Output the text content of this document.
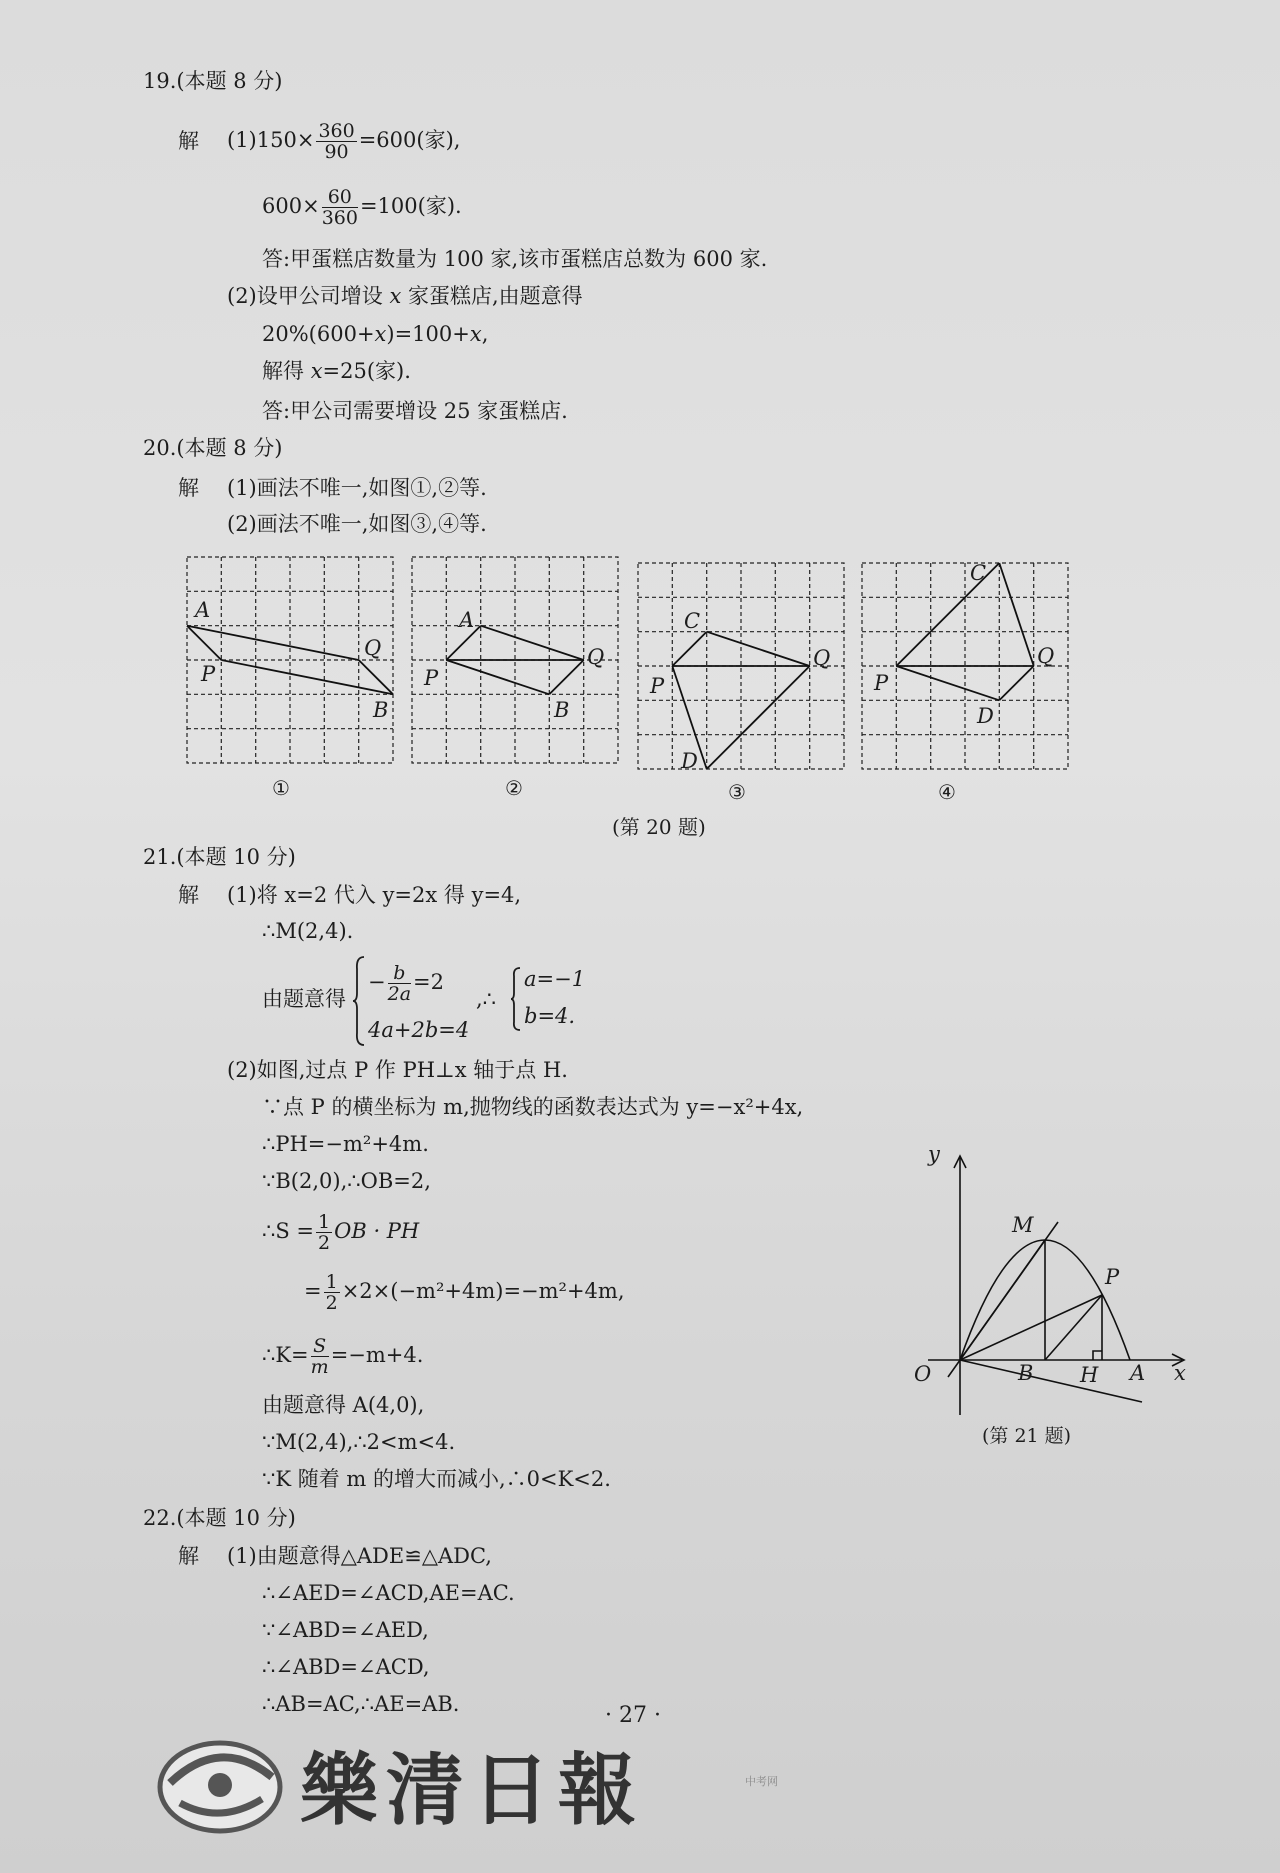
19.(本题 8 分)
解 $(1)150\times \frac{360}{90} =600$(家),
$600\times \frac{60}{360} =100$(家).
答:甲蛋糕店数量为 100 家,该市蛋糕店总数为 600 家.
(2)设甲公司增设 x 家蛋糕店,由题意得
20%(600+x)=100+x,
解得 x=25(家).
答:甲公司需要增设 25 家蛋糕店.
20.(本题 8 分)
解 (1)画法不唯一,如图①,②等.
(2)画法不唯一,如图③,④等.
A
P
Q
B
A
P
Q
B
C
P
Q
D
C
P
Q
D
①	②	③	④
(第 20 题)
21.(本题 10 分)
解 (1)将 x=2 代入 y=2x 得 y=4,
∴M(2,4).
由题意得
− $\frac{b}{2a} =2$
4a+2b=4
,∴
a=−1
b=4.
(2)如图,过点 P 作 PH⊥x 轴于点 H.
∵点 P 的横坐标为 m,抛物线的函数表达式为 y=−x²+4x,
∴PH=−m²+4m.
∵B(2,0),∴OB=2,
∴S = $\frac{1}{2}$ OB · PH
= $\frac{1}{2} \times 2\times(-m^2+4m)=-m^2+4m$,
∴K= $\frac{S}{m} =-m+4$.
由题意得 A(4,0),
∵M(2,4),∴2<m<4.
∵K 随着 m 的增大而减小,∴0<K<2.
y
M
P
O	B H A x
(第 21 题)
22.(本题 10 分)
解 (1)由题意得△ADE≌△ADC,
∴∠AED=∠ACD,AE=AC.
∵∠ABD=∠AED,
∴∠ABD=∠ACD,
∴AB=AC,∴AE=AB.	· 27 ·
樂清日報	中考网
